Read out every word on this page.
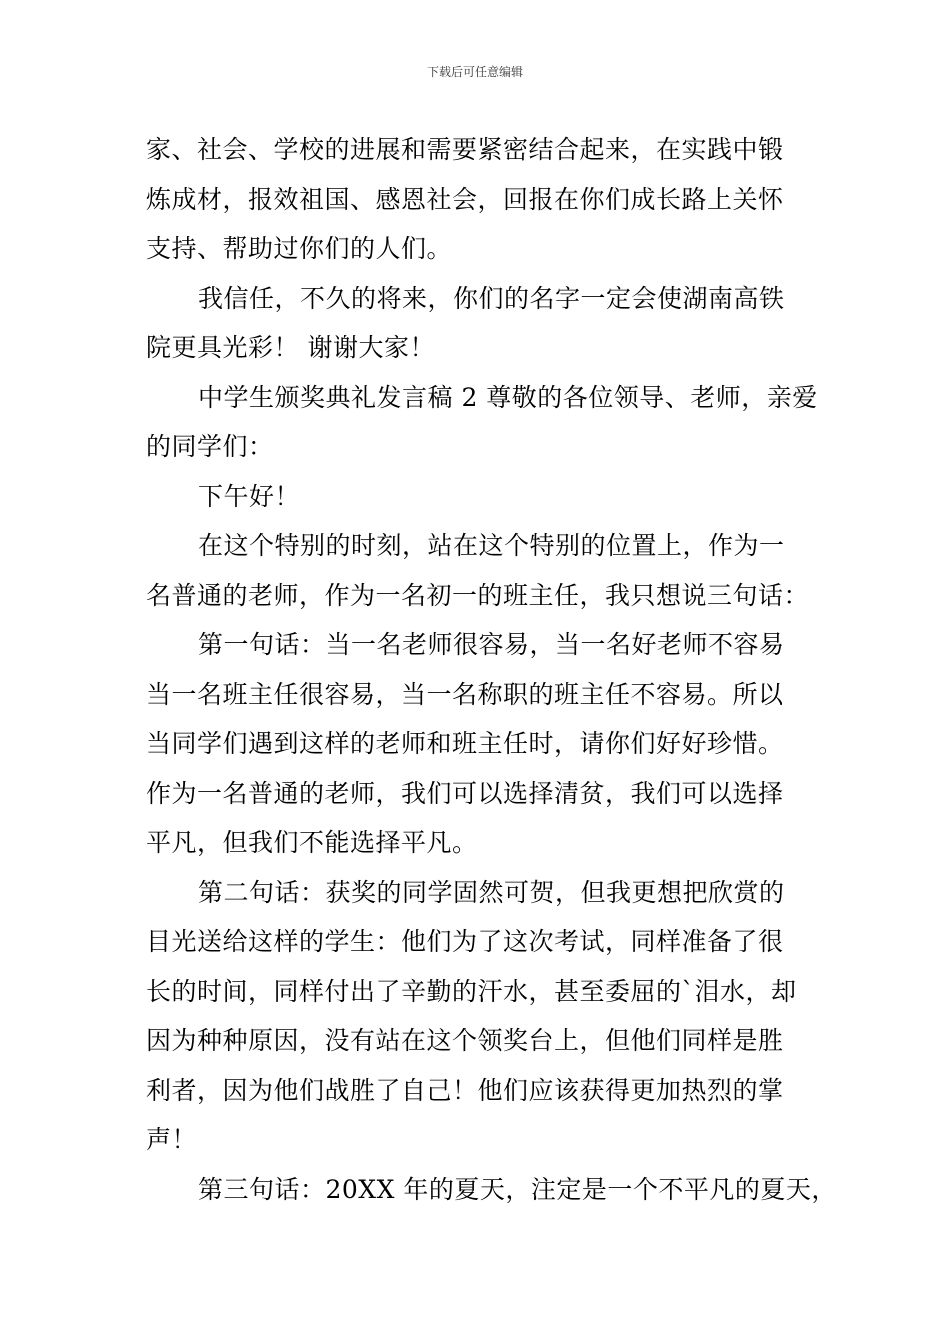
下载后可任意编辑
家、社会、学校的进展和需要紧密结合起来，在实践中锻
炼成材，报效祖国、感恩社会，回报在你们成长路上关怀
支持、帮助过你们的人们。
我信任，不久的将来，你们的名字一定会使湖南高铁
院更具光彩！ 谢谢大家！
中学生颁奖典礼发言稿 2 尊敬的各位领导、老师，亲爱
的同学们：
下午好！
在这个特别的时刻，站在这个特别的位置上，作为一
名普通的老师，作为一名初一的班主任，我只想说三句话：
第一句话：当一名老师很容易，当一名好老师不容易
当一名班主任很容易，当一名称职的班主任不容易。所以
当同学们遇到这样的老师和班主任时，请你们好好珍惜。
作为一名普通的老师，我们可以选择清贫，我们可以选择
平凡，但我们不能选择平凡。
第二句话：获奖的同学固然可贺，但我更想把欣赏的
目光送给这样的学生：他们为了这次考试，同样准备了很
长的时间，同样付出了辛勤的汗水，甚至委屈的`泪水，却
因为种种原因，没有站在这个领奖台上，但他们同样是胜
利者，因为他们战胜了自己！他们应该获得更加热烈的掌
声！
第三句话：20XX 年的夏天，注定是一个不平凡的夏天，
